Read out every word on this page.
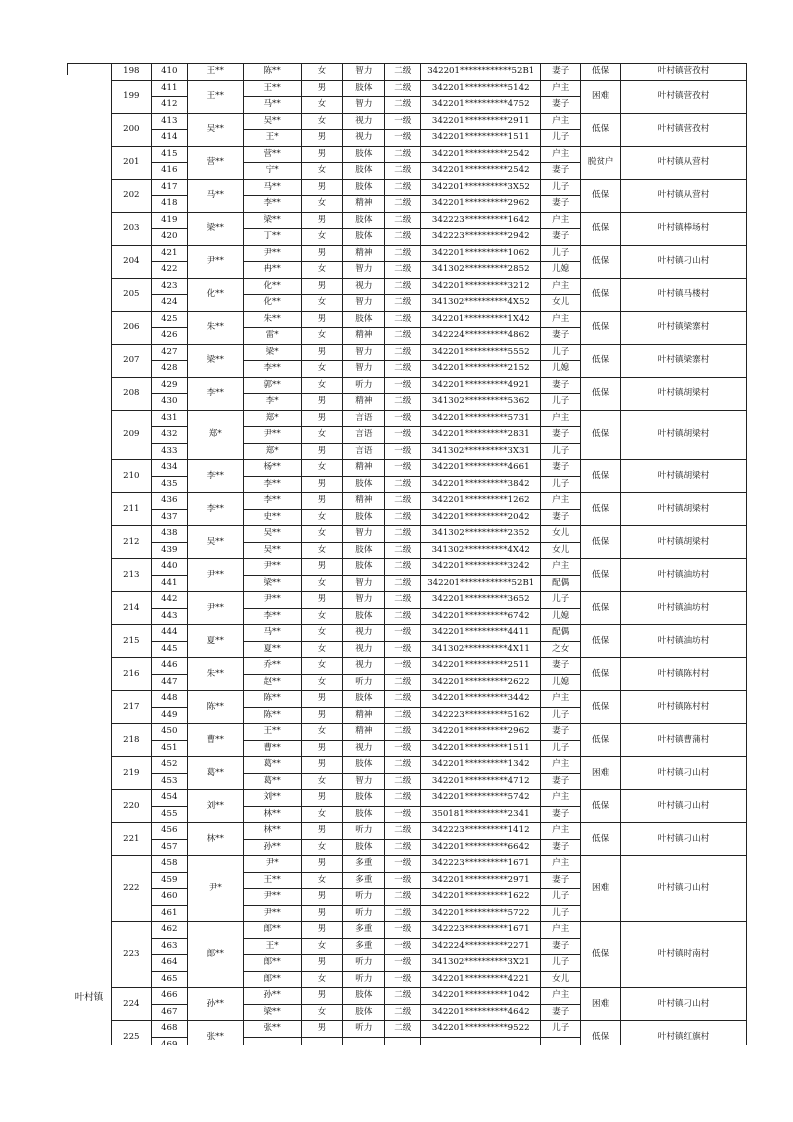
	198	410	王**	陈**	女	智力	二级	342201************52B1	妻子	低保	叶村镇营孜村
	199	411	王**	王**	男	肢体	二级	342201**********5142	户主	困难	叶村镇营孜村
		412		马**	女	智力	二级	342201**********4752	妻子		
	200	413	吴**	吴**	女	视力	一级	342201**********2911	户主	低保	叶村镇营孜村
		414		王*	男	视力	一级	342201**********1511	儿子		
	201	415	营**	营**	男	肢体	二级	342201**********2542	户主	脱贫户	叶村镇从营村
		416		宁*	女	肢体	二级	342201**********2542	妻子		
	202	417	马**	马**	男	肢体	二级	342201**********3X52	儿子	低保	叶村镇从营村
		418		李**	女	精神	二级	342201**********2962	妻子		
	203	419	梁**	梁**	男	肢体	二级	342223**********1642	户主	低保	叶村镇棒场村
		420		丁**	女	肢体	二级	342223**********2942	妻子		
	204	421	尹**	尹**	男	精神	二级	342201**********1062	儿子	低保	叶村镇刁山村
		422		冉**	女	智力	二级	341302**********2852	儿媳		
	205	423	化**	化**	男	视力	二级	342201**********3212	户主	低保	叶村镇马楼村
		424		化**	女	智力	二级	341302**********4X52	女儿		
	206	425	朱**	朱**	男	肢体	二级	342201**********1X42	户主	低保	叶村镇梁寨村
		426		雷*	女	精神	二级	342224**********4862	妻子		
	207	427	梁**	梁*	男	智力	二级	342201**********5552	儿子	低保	叶村镇梁寨村
		428		李**	女	智力	二级	342201**********2152	儿媳		
	208	429	李**	郭**	女	听力	一级	342201**********4921	妻子	低保	叶村镇胡梁村
		430		李*	男	精神	二级	341302**********5362	儿子		
	209	431	郑*	郑*	男	言语	一级	342201**********5731	户主	低保	叶村镇胡梁村
		432		尹**	女	言语	一级	342201**********2831	妻子		
		433		郑*	男	言语	一级	341302**********3X31	儿子		
	210	434	李**	杨**	女	精神	一级	342201**********4661	妻子	低保	叶村镇胡梁村
		435		李**	男	肢体	二级	342201**********3842	儿子		
	211	436	李**	李**	男	精神	二级	342201**********1262	户主	低保	叶村镇胡梁村
		437		史**	女	肢体	二级	342201**********2042	妻子		
	212	438	吴**	吴**	女	智力	二级	341302**********2352	女儿	低保	叶村镇胡梁村
		439		吴**	女	肢体	二级	341302**********4X42	女儿		
	213	440	尹**	尹**	男	肢体	二级	342201**********3242	户主	低保	叶村镇油坊村
		441		梁**	女	智力	二级	342201************52B1	配偶		
	214	442	尹**	尹**	男	智力	二级	342201**********3652	儿子	低保	叶村镇油坊村
		443		李**	女	肢体	二级	342201**********6742	儿媳		
	215	444	夏**	马**	女	视力	一级	342201**********4411	配偶	低保	叶村镇油坊村
		445		夏**	女	视力	一级	341302**********4X11	之女		
	216	446	朱**	乔**	女	视力	一级	342201**********2511	妻子	低保	叶村镇陈村村
		447		赵**	女	听力	二级	342201**********2622	儿媳		
	217	448	陈**	陈**	男	肢体	二级	342201**********3442	户主	低保	叶村镇陈村村
		449		陈**	男	精神	二级	342223**********5162	儿子		
	218	450	曹**	王**	女	精神	二级	342201**********2962	妻子	低保	叶村镇曹蒲村
		451		曹**	男	视力	一级	342201**********1511	儿子		
	219	452	葛**	葛**	男	肢体	二级	342201**********1342	户主	困难	叶村镇刁山村
		453		葛**	女	智力	二级	342201**********4712	妻子		
	220	454	刘**	刘**	男	肢体	二级	342201**********5742	户主	低保	叶村镇刁山村
		455		林**	女	肢体	一级	350181**********2341	妻子		
	221	456	林**	林**	男	听力	二级	342223**********1412	户主	低保	叶村镇刁山村
		457		孙**	女	肢体	二级	342201**********6642	妻子		
	222	458	尹*	尹*	男	多重	一级	342223**********1671	户主	困难	叶村镇刁山村
		459		王**	女	多重	一级	342201**********2971	妻子		
		460		尹**	男	听力	二级	342201**********1622	儿子		
		461		尹**	男	听力	二级	342201**********5722	儿子		
	223	462	郎**	郎**	男	多重	一级	342223**********1671	户主	低保	叶村镇时南村
		463		王*	女	多重	一级	342224**********2271	妻子		
		464		郎**	男	听力	一级	341302**********3X21	儿子		
		465		郎**	女	听力	一级	342201**********4221	女儿		
	224	466	孙**	孙**	男	肢体	二级	342201**********1042	户主	困难	叶村镇刁山村
		467		梁**	女	肢体	二级	342201**********4642	妻子		
	225	468	张**	张**	男	听力	二级	342201**********9522	儿子	低保	叶村镇红旗村

叶村镇
